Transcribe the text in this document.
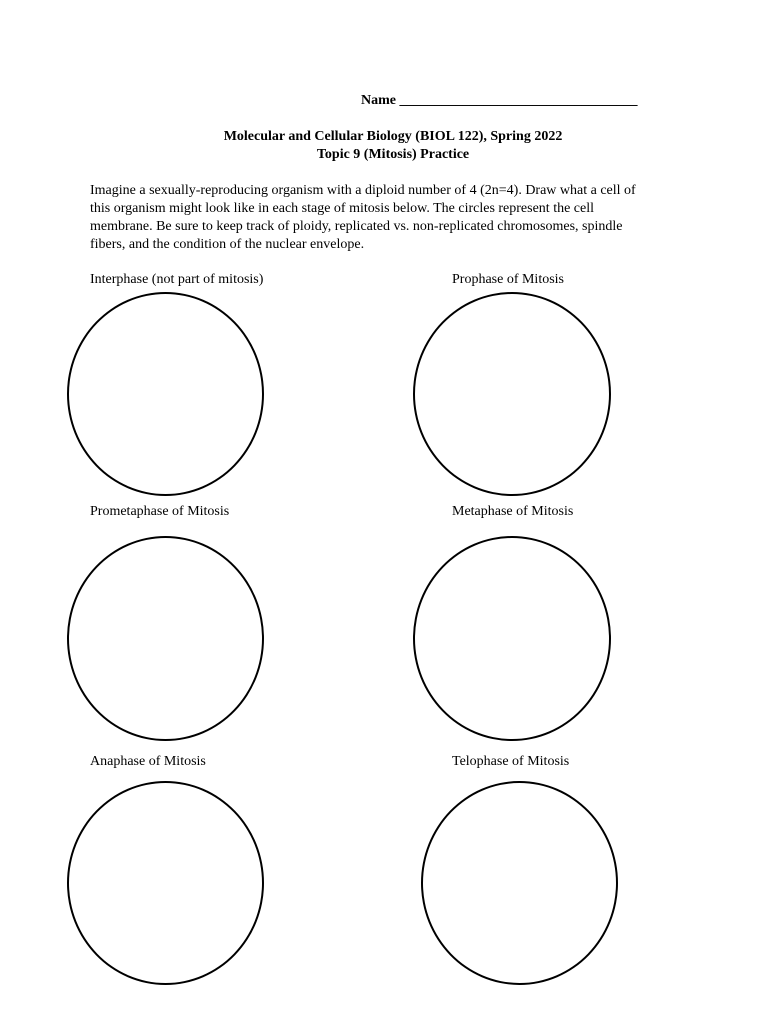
Name __________________________________
Molecular and Cellular Biology (BIOL 122), Spring 2022
Topic 9 (Mitosis) Practice
Imagine a sexually-reproducing organism with a diploid number of 4 (2n=4). Draw what a cell of
this organism might look like in each stage of mitosis below. The circles represent the cell
membrane. Be sure to keep track of ploidy, replicated vs. non-replicated chromosomes, spindle
fibers, and the condition of the nuclear envelope.
Interphase (not part of mitosis)	Prophase of Mitosis
Prometaphase of Mitosis	Metaphase of Mitosis
Anaphase of Mitosis	Telophase of Mitosis
